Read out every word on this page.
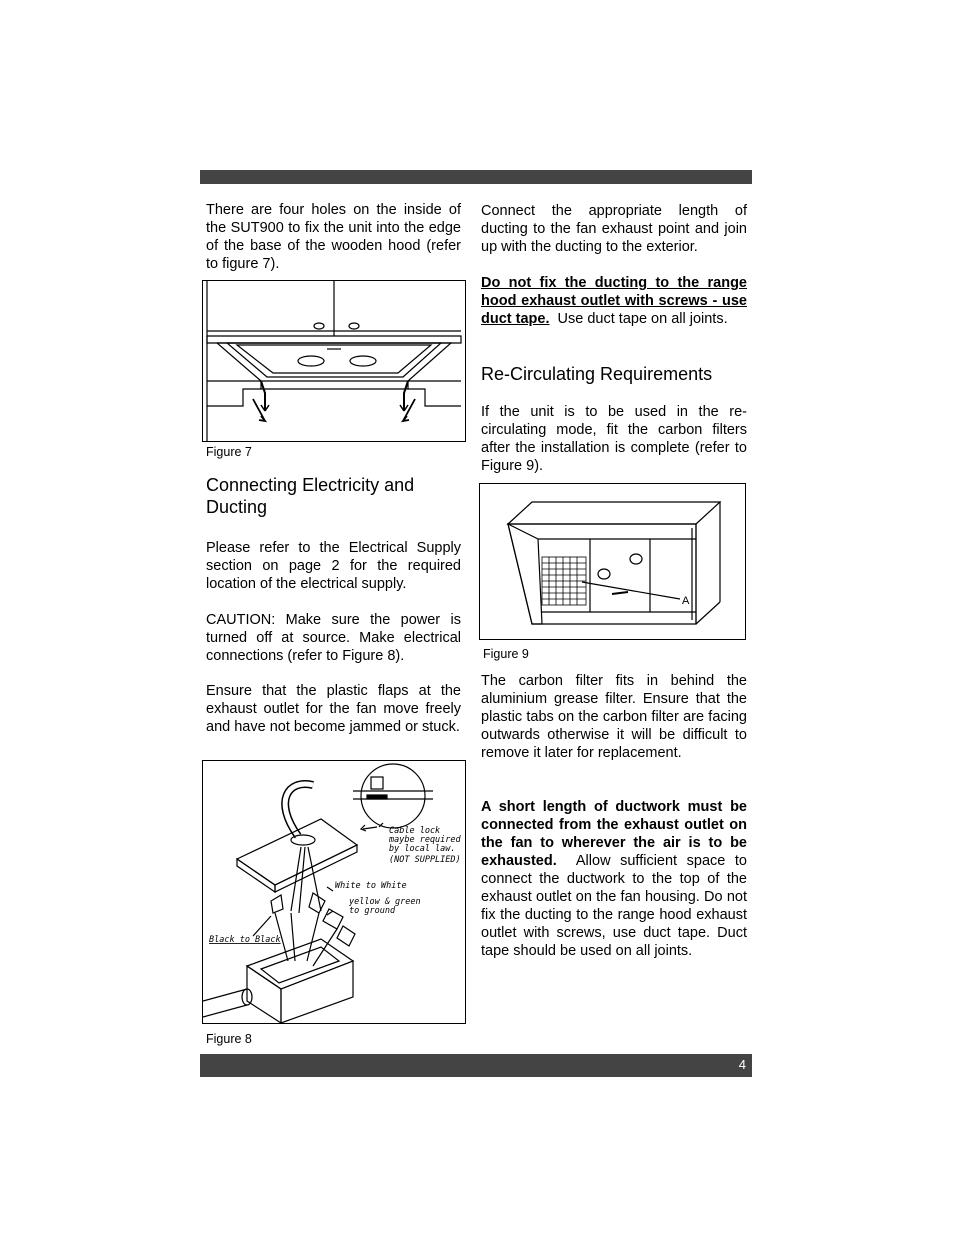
There are four holes on the inside of the SUT900 to fix the unit into the edge of the base of the wooden hood (refer to figure 7).

Figure 7
Connecting Electricity and Ducting

Please refer to the Electrical Supply section on page 2 for the required location of the electrical supply.

CAUTION: Make sure the power is turned off at source. Make electrical connections (refer to Figure 8).

Ensure that the plastic flaps at the exhaust outlet for the fan move freely and have not become jammed or stuck.

Cable lock
maybe required
by local law.
(NOT SUPPLIED)
White to White
yellow & green
to ground
Black to Black
Figure 8

Connect the appropriate length of ducting to the fan exhaust point and join up with the ducting to the exterior.

Do not fix the ducting to the range hood exhaust outlet with screws - use duct tape. Use duct tape on all joints.

Re-Circulating Requirements

If the unit is to be used in the re-circulating mode, fit the carbon filters after the installation is complete (refer to Figure 9).

A
Figure 9

The carbon filter fits in behind the aluminium grease filter. Ensure that the plastic tabs on the carbon filter are facing outwards otherwise it will be difficult to remove it later for replacement.

A short length of ductwork must be connected from the exhaust outlet on the fan to wherever the air is to be exhausted. Allow sufficient space to connect the ductwork to the top of the exhaust outlet on the fan housing. Do not fix the ducting to the range hood exhaust outlet with screws, use duct tape. Duct tape should be used on all joints.

4
